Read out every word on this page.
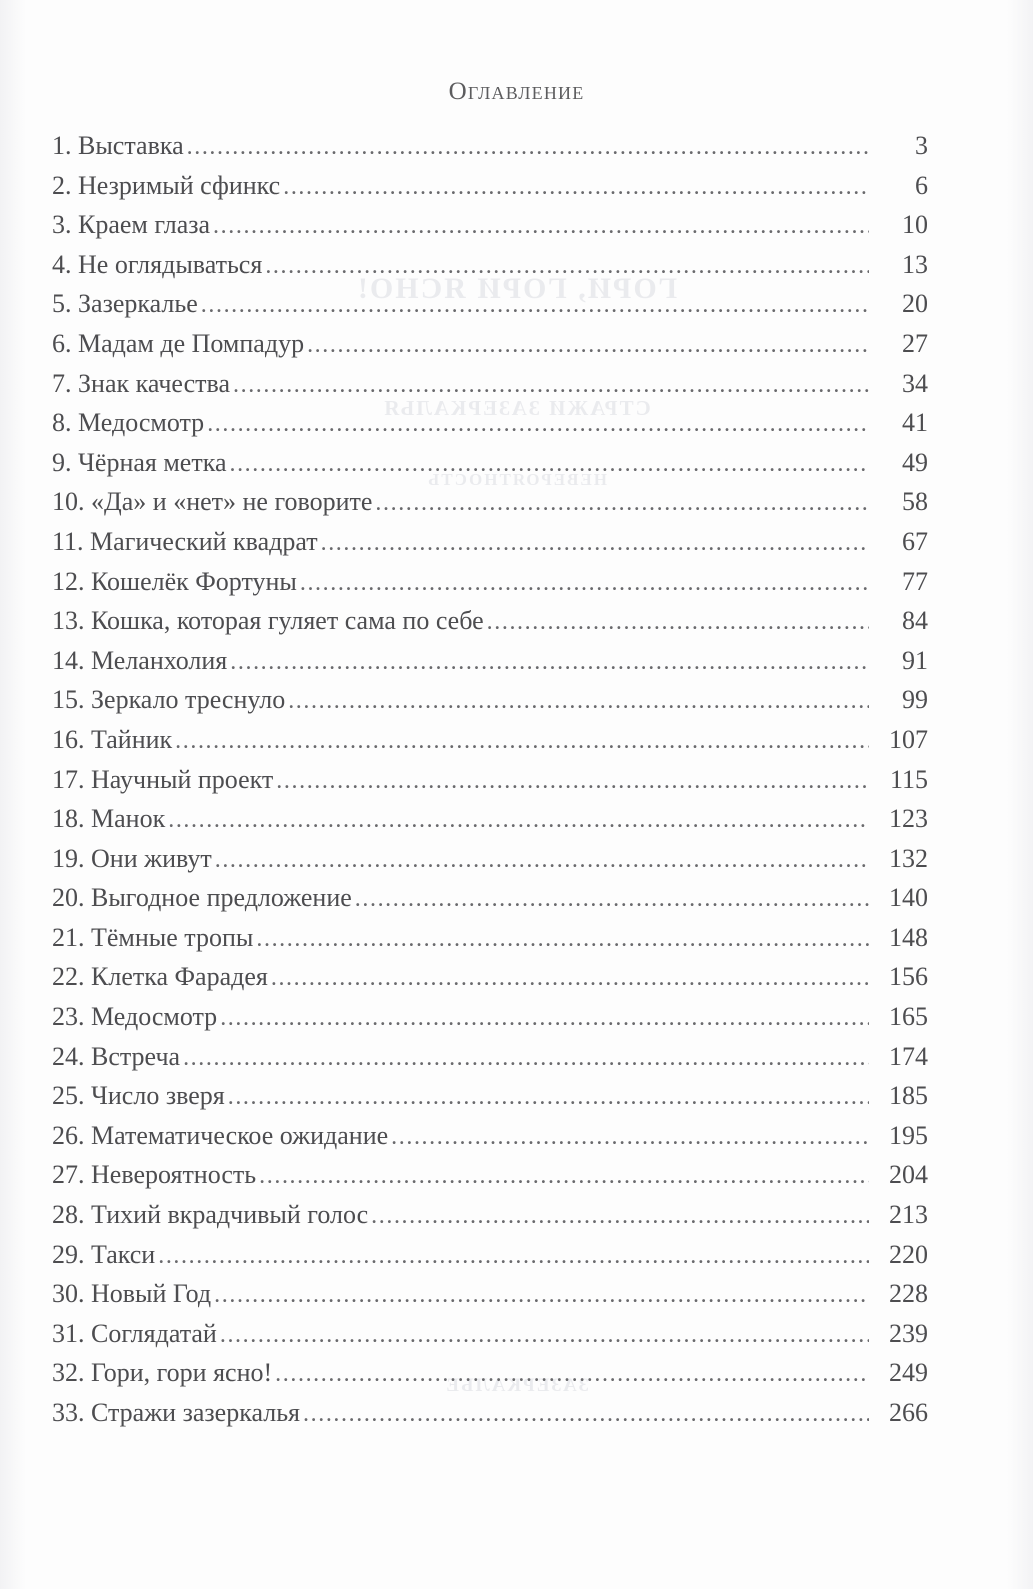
ГОРИ, ГОРИ ЯСНО!
СТРАЖИ ЗАЗЕРКАЛЬЯ
НЕВЕРОЯТНОСТЬ
ЗАЗЕРКАЛЬЕ
Оглавление
1. Выставка .....	3
2. Незримый сфинкс .....	6
3. Краем глаза .....	10
4. Не оглядываться .....	13
5. Зазеркалье .....	20
6. Мадам де Помпадур .....	27
7. Знак качества .....	34
8. Медосмотр .....	41
9. Чёрная метка .....	49
10. «Да» и «нет» не говорите .....	58
11. Магический квадрат .....	67
12. Кошелёк Фортуны .....	77
13. Кошка, которая гуляет сама по себе .....	84
14. Меланхолия .....	91
15. Зеркало треснуло .....	99
16. Тайник .....	107
17. Научный проект .....	115
18. Манок .....	123
19. Они живут .....	132
20. Выгодное предложение .....	140
21. Тёмные тропы .....	148
22. Клетка Фарадея .....	156
23. Медосмотр .....	165
24. Встреча .....	174
25. Число зверя .....	185
26. Математическое ожидание .....	195
27. Невероятность .....	204
28. Тихий вкрадчивый голос .....	213
29. Такси .....	220
30. Новый Год .....	228
31. Соглядатай .....	239
32. Гори, гори ясно! .....	249
33. Стражи зазеркалья .....	266
